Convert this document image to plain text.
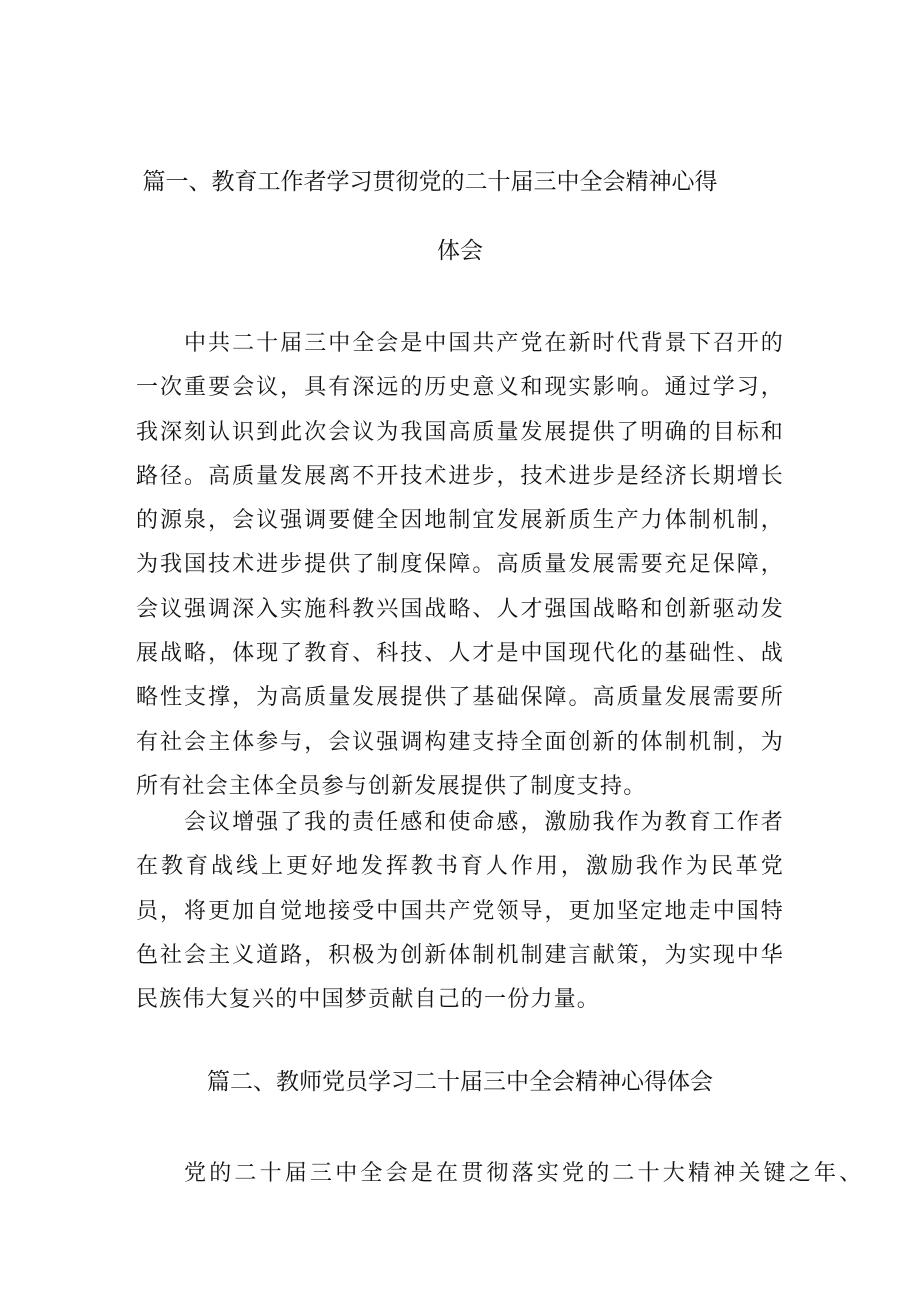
篇一、教育工作者学习贯彻党的二十届三中全会精神心得
体会

中共二十届三中全会是中国共产党在新时代背景下召开的一次重要会议，具有深远的历史意义和现实影响。通过学习，我深刻认识到此次会议为我国高质量发展提供了明确的目标和路径。高质量发展离不开技术进步，技术进步是经济长期增长的源泉，会议强调要健全因地制宜发展新质生产力体制机制，为我国技术进步提供了制度保障。高质量发展需要充足保障，会议强调深入实施科教兴国战略、人才强国战略和创新驱动发展战略，体现了教育、科技、人才是中国现代化的基础性、战略性支撑，为高质量发展提供了基础保障。高质量发展需要所有社会主体参与，会议强调构建支持全面创新的体制机制，为所有社会主体全员参与创新发展提供了制度支持。

会议增强了我的责任感和使命感，激励我作为教育工作者在教育战线上更好地发挥教书育人作用，激励我作为民革党员，将更加自觉地接受中国共产党领导，更加坚定地走中国特色社会主义道路，积极为创新体制机制建言献策，为实现中华民族伟大复兴的中国梦贡献自己的一份力量。

篇二、教师党员学习二十届三中全会精神心得体会

党的二十届三中全会是在贯彻落实党的二十大精神关键之年、
